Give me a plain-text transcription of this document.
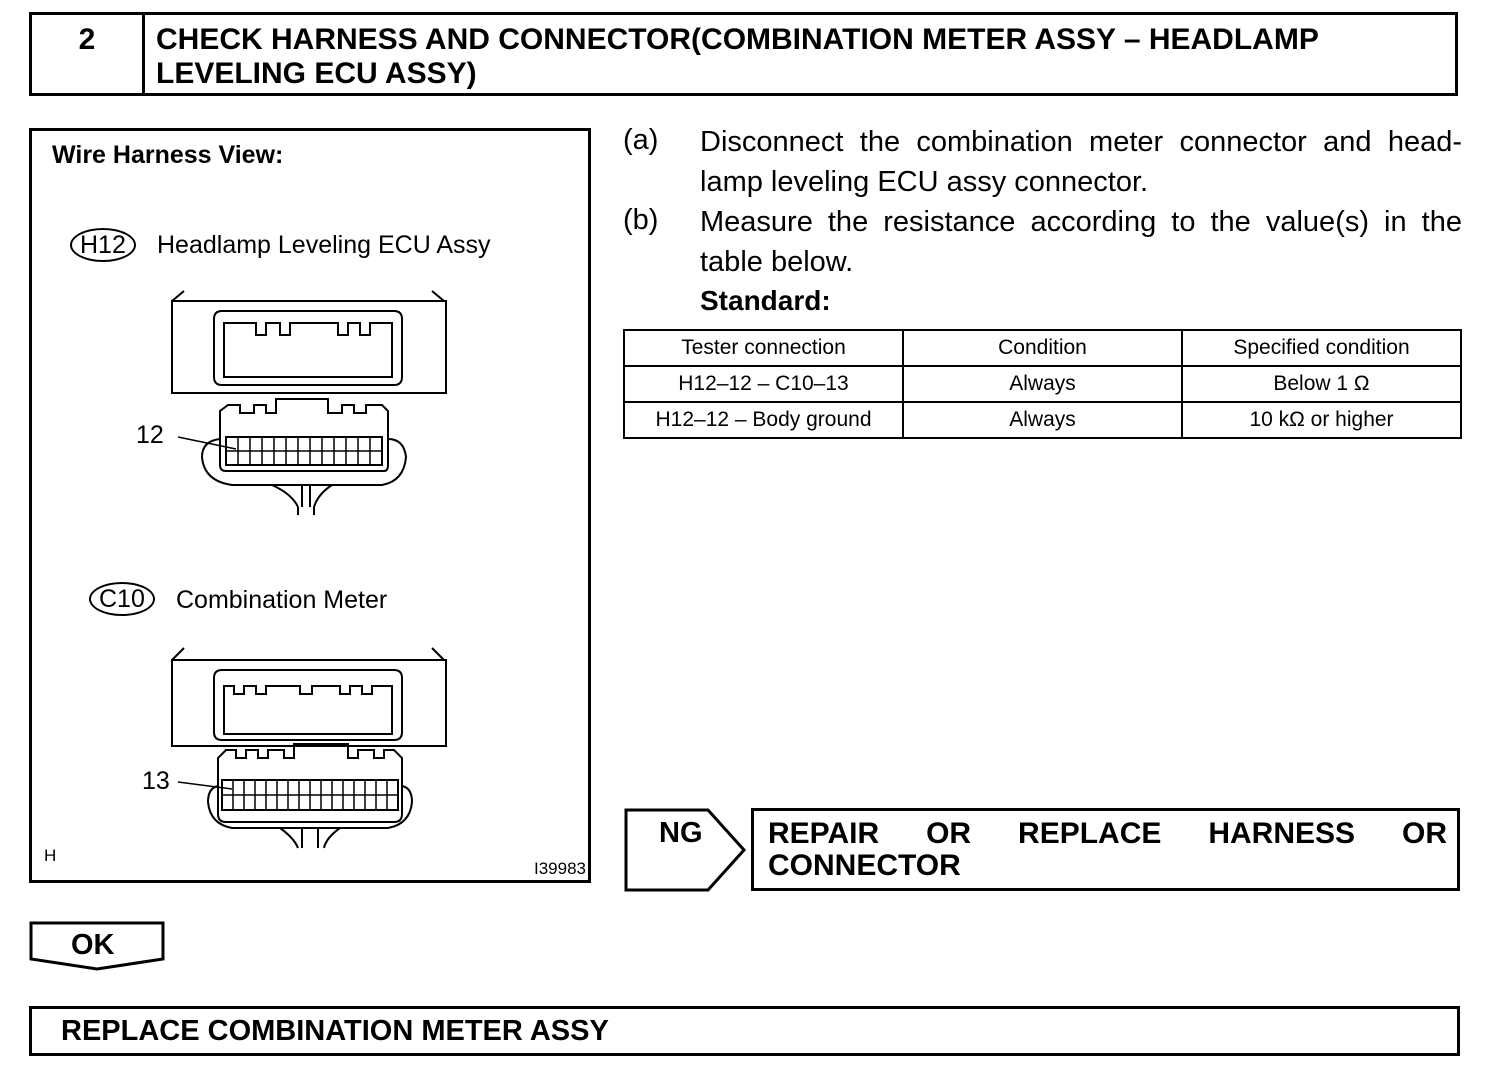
2	CHECK HARNESS AND CONNECTOR(COMBINATION METER ASSY – HEADLAMP LEVELING ECU ASSY)
Wire Harness View:
H12	Headlamp Leveling ECU Assy
12
C10	Combination Meter
13
H
I39983
(a) Disconnect the combination meter connector and head-lamp leveling ECU assy connector.
(b) Measure the resistance according to the value(s) in the table below.
Standard:
Tester connection	Condition	Specified condition
H12–12 – C10–13	Always	Below 1 Ω
H12–12 – Body ground	Always	10 kΩ or higher
NG REPAIR OR REPLACE HARNESS OR
CONNECTOR
OK
REPLACE COMBINATION METER ASSY
